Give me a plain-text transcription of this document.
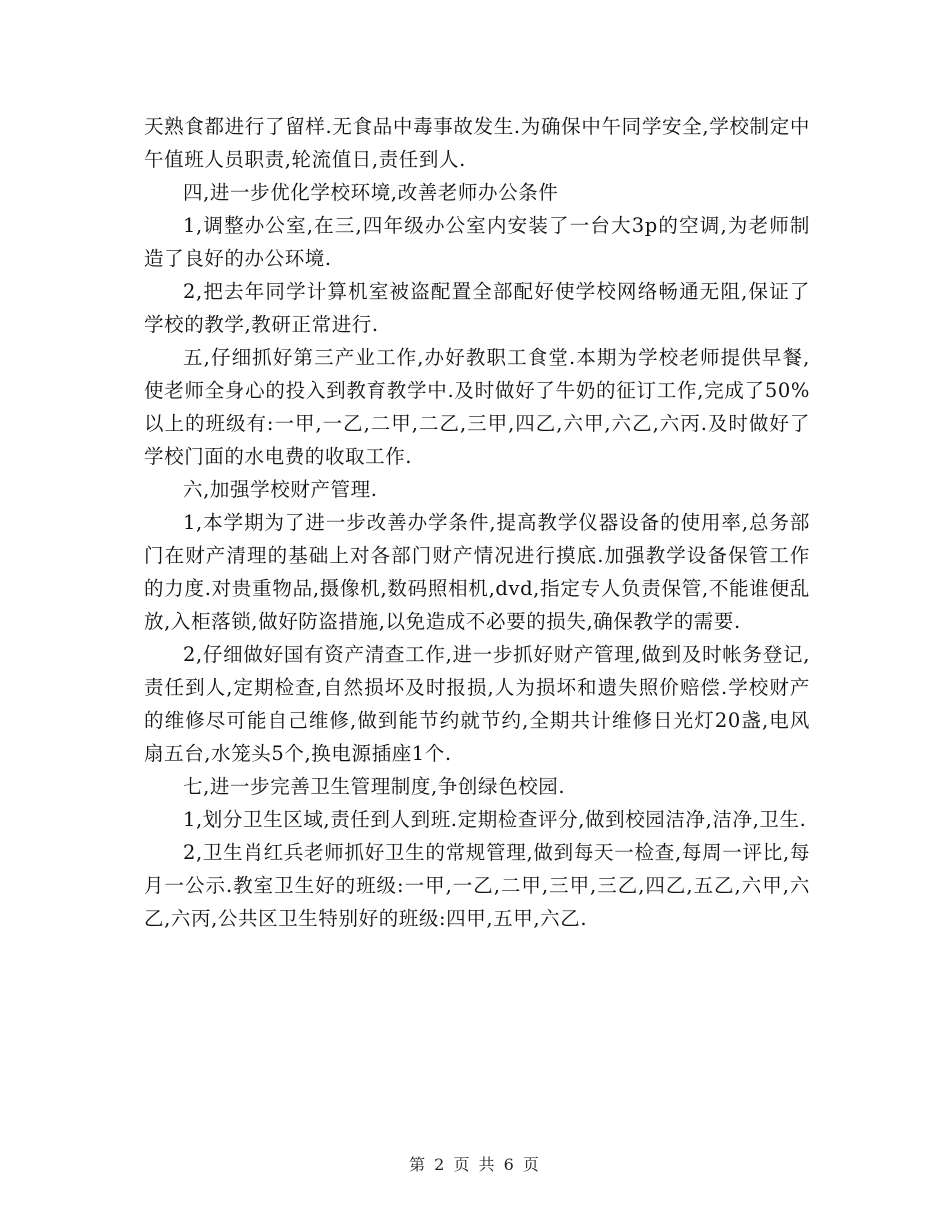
天熟食都进行了留样.无食品中毒事故发生.为确保中午同学安全,学校制定中午值班人员职责,轮流值日,责任到人.

四,进一步优化学校环境,改善老师办公条件

1,调整办公室,在三,四年级办公室内安装了一台大3p的空调,为老师制造了良好的办公环境.

2,把去年同学计算机室被盗配置全部配好使学校网络畅通无阻,保证了学校的教学,教研正常进行.

五,仔细抓好第三产业工作,办好教职工食堂.本期为学校老师提供早餐,使老师全身心的投入到教育教学中.及时做好了牛奶的征订工作,完成了50%以上的班级有:一甲,一乙,二甲,二乙,三甲,四乙,六甲,六乙,六丙.及时做好了学校门面的水电费的收取工作.

六,加强学校财产管理.

1,本学期为了进一步改善办学条件,提高教学仪器设备的使用率,总务部门在财产清理的基础上对各部门财产情况进行摸底.加强教学设备保管工作的力度.对贵重物品,摄像机,数码照相机,dvd,指定专人负责保管,不能谁便乱放,入柜落锁,做好防盗措施,以免造成不必要的损失,确保教学的需要.

2,仔细做好国有资产清查工作,进一步抓好财产管理,做到及时帐务登记,责任到人,定期检查,自然损坏及时报损,人为损坏和遗失照价赔偿.学校财产的维修尽可能自己维修,做到能节约就节约,全期共计维修日光灯20盏,电风扇五台,水笼头5个,换电源插座1个.

七,进一步完善卫生管理制度,争创绿色校园.

1,划分卫生区域,责任到人到班.定期检查评分,做到校园洁净,洁净,卫生.

2,卫生肖红兵老师抓好卫生的常规管理,做到每天一检查,每周一评比,每月一公示.教室卫生好的班级:一甲,一乙,二甲,三甲,三乙,四乙,五乙,六甲,六乙,六丙,公共区卫生特别好的班级:四甲,五甲,六乙.

第 2 页 共 6 页
